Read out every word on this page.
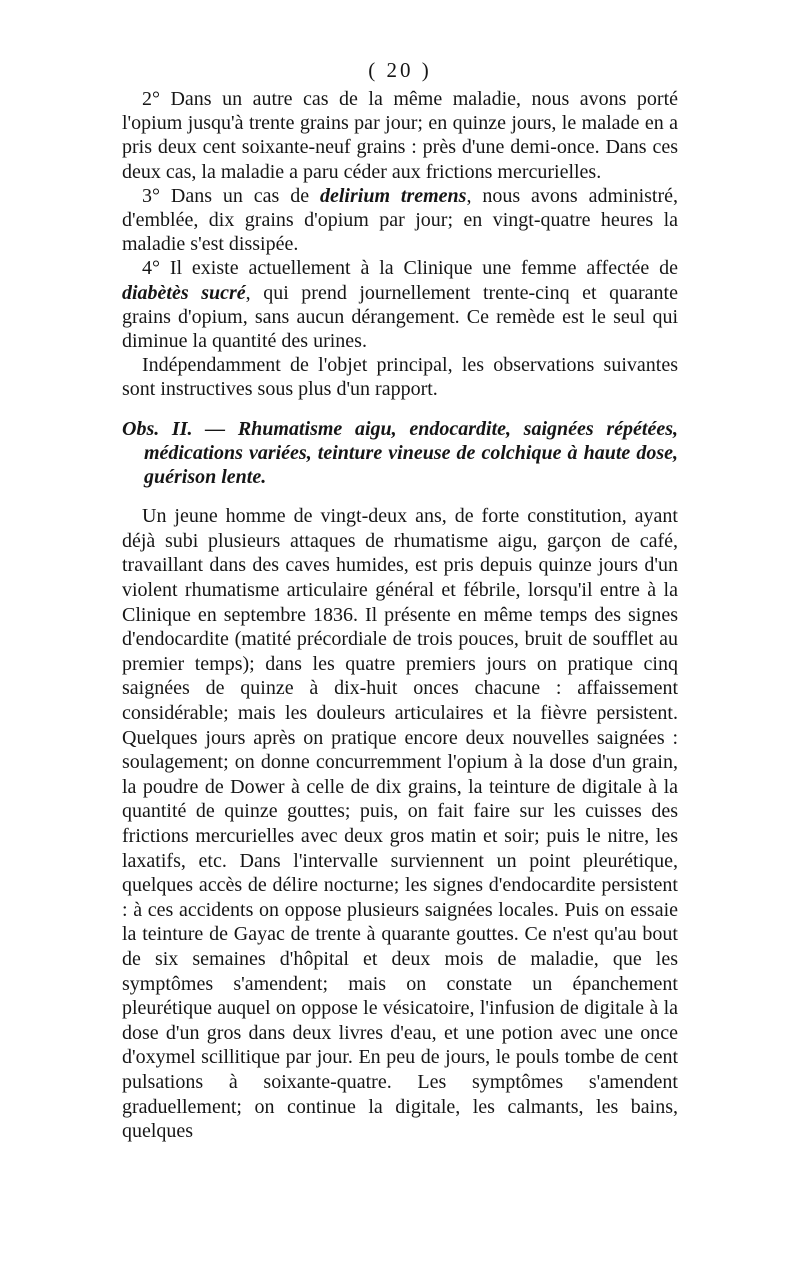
( 20 )

2° Dans un autre cas de la même maladie, nous avons porté l'opium jusqu'à trente grains par jour; en quinze jours, le malade en a pris deux cent soixante-neuf grains : près d'une demi-once. Dans ces deux cas, la maladie a paru céder aux frictions mercurielles.

3° Dans un cas de delirium tremens, nous avons administré, d'emblée, dix grains d'opium par jour; en vingt-quatre heures la maladie s'est dissipée.

4° Il existe actuellement à la Clinique une femme affectée de diabètès sucré, qui prend journellement trente-cinq et quarante grains d'opium, sans aucun dérangement. Ce remède est le seul qui diminue la quantité des urines.

Indépendamment de l'objet principal, les observations suivantes sont instructives sous plus d'un rapport.

Obs. II. — Rhumatisme aigu, endocardite, saignées répétées, médications variées, teinture vineuse de colchique à haute dose, guérison lente.

Un jeune homme de vingt-deux ans, de forte constitution, ayant déjà subi plusieurs attaques de rhumatisme aigu, garçon de café, travaillant dans des caves humides, est pris depuis quinze jours d'un violent rhumatisme articulaire général et fébrile, lorsqu'il entre à la Clinique en septembre 1836. Il présente en même temps des signes d'endocardite (matité précordiale de trois pouces, bruit de soufflet au premier temps); dans les quatre premiers jours on pratique cinq saignées de quinze à dix-huit onces chacune : affaissement considérable; mais les douleurs articulaires et la fièvre persistent. Quelques jours après on pratique encore deux nouvelles saignées : soulagement; on donne concurremment l'opium à la dose d'un grain, la poudre de Dower à celle de dix grains, la teinture de digitale à la quantité de quinze gouttes; puis, on fait faire sur les cuisses des frictions mercurielles avec deux gros matin et soir; puis le nitre, les laxatifs, etc. Dans l'intervalle surviennent un point pleurétique, quelques accès de délire nocturne; les signes d'endocardite persistent : à ces accidents on oppose plusieurs saignées locales. Puis on essaie la teinture de Gayac de trente à quarante gouttes. Ce n'est qu'au bout de six semaines d'hôpital et deux mois de maladie, que les symptômes s'amendent; mais on constate un épanchement pleurétique auquel on oppose le vésicatoire, l'infusion de digitale à la dose d'un gros dans deux livres d'eau, et une potion avec une once d'oxymel scillitique par jour. En peu de jours, le pouls tombe de cent pulsations à soixante-quatre. Les symptômes s'amendent graduellement; on continue la digitale, les calmants, les bains, quelques
